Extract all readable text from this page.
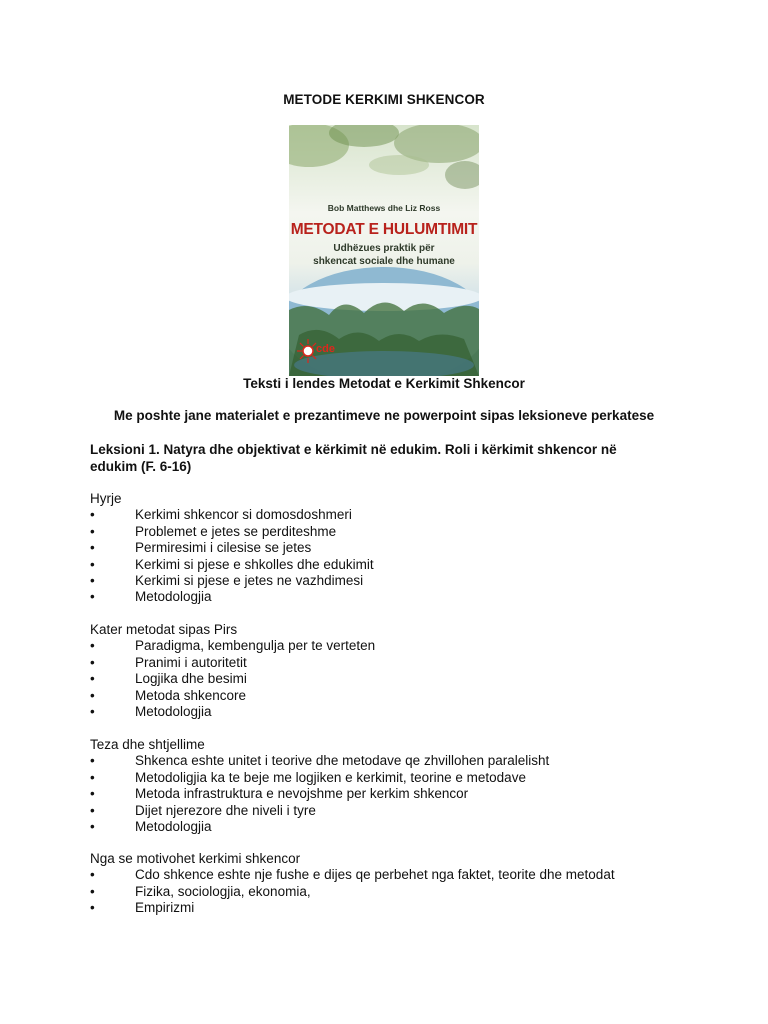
METODE KERKIMI SHKENCOR
Bob Matthews dhe Liz Ross
METODAT E HULUMTIMIT
Udhëzues praktik për
shkencat sociale dhe humane
cde
Teksti i lendes Metodat e Kerkimit Shkencor
Me poshte jane materialet e prezantimeve ne powerpoint sipas leksioneve perkatese
Leksioni 1. Natyra dhe objektivat e kërkimit në edukim. Roli i kërkimit shkencor në
edukim (F. 6-16)
Hyrje
•	Kerkimi shkencor si domosdoshmeri
•	Problemet e jetes se perditeshme
•	Permiresimi i cilesise se jetes
•	Kerkimi si pjese e shkolles dhe edukimit
•	Kerkimi si pjese e jetes ne vazhdimesi
•	Metodologjia
Kater metodat sipas Pirs
•	Paradigma, kembengulja per te verteten
•	Pranimi i autoritetit
•	Logjika dhe besimi
•	Metoda shkencore
•	Metodologjia
Teza dhe shtjellime
•	Shkenca eshte unitet i teorive dhe metodave qe zhvillohen paralelisht
•	Metodoligjia ka te beje me logjiken e kerkimit, teorine e metodave
•	Metoda infrastruktura e nevojshme per kerkim shkencor
•	Dijet njerezore dhe niveli i tyre
•	Metodologjia
Nga se motivohet kerkimi shkencor
•	Cdo shkence eshte nje fushe e dijes qe perbehet nga faktet, teorite dhe metodat
•	Fizika, sociologjia, ekonomia,
•	Empirizmi
